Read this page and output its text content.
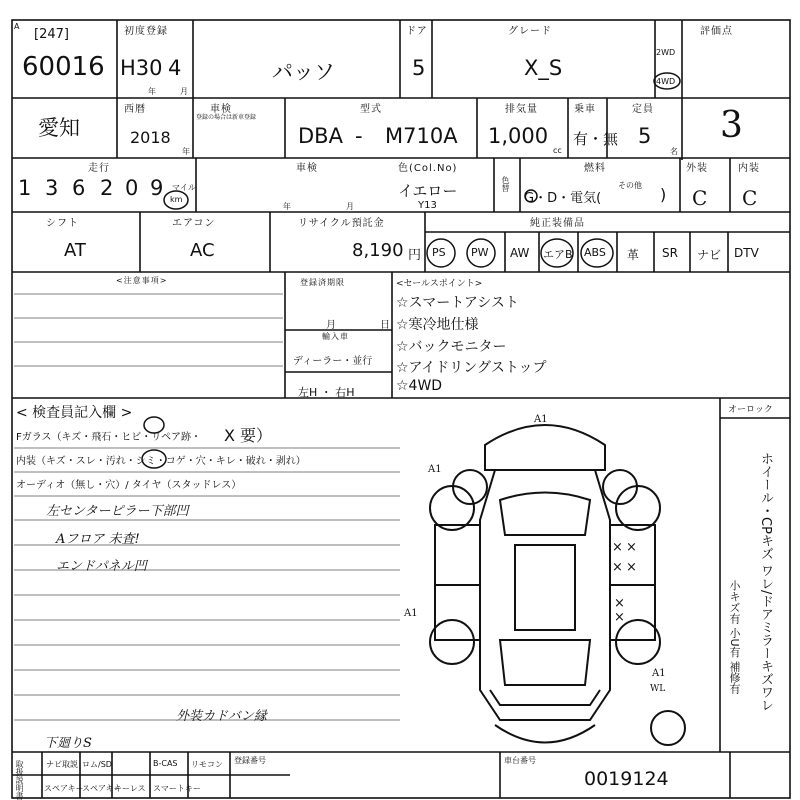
A
[247]
60016
初度登録
H30 4
年	月
パッソ
ドア
5
グレード
X_S
評価点
2WD
4WD
3
愛知
西暦
2018
年
車検
登録の場合は新車登録
型式
DBA - M710A
排気量
1,000
cc
乗車
有・無
定員
5
名
走行
1 3 6 2 0 9 マイル
km
車検
年	月
色(Col.No)
イエロー
Y13
色替
燃料
G・D・電気(
その他 )
外装
C
内装
C
シフト
AT
エアコン
AC
リサイクル預託金
8,190 円
純正装備品
PS PW AW エアB ABS 革 SR ナビ DTV
<注意事項>	登録済期限
月	日
輸入車
ディーラー・並行
左H ・ 右H
<セールスポイント>
☆スマートアシスト
☆寒冷地仕様
☆バックモニター
☆アイドリングストップ
☆4WD
< 検査員記入欄 >
Fガラス（キズ・飛石・ヒビ・リペア跡・ X 要）
内装（キズ・スレ・汚れ・シミ・コゲ・穴・キレ・破れ・剥れ）
オーディオ（無し・穴）/ タイヤ（スタッドレス）
左センターピラー下部凹
Aフロア 未査!
エンドパネル凹
外装カドバン縁
下廻りS
オーロック
ホイール・CPキズ ワレ/ドアミラーキズワレ
小キズ有 小U有 補修有
A1
A1
A1
A1
WL
×
× ×
×
×
×
取扱説明書	ナビ取説 ロム/SD	B-CAS リモコン
スペアキー
スペアキー
キーレス スマートキー
登録番号	車台番号
0019124
